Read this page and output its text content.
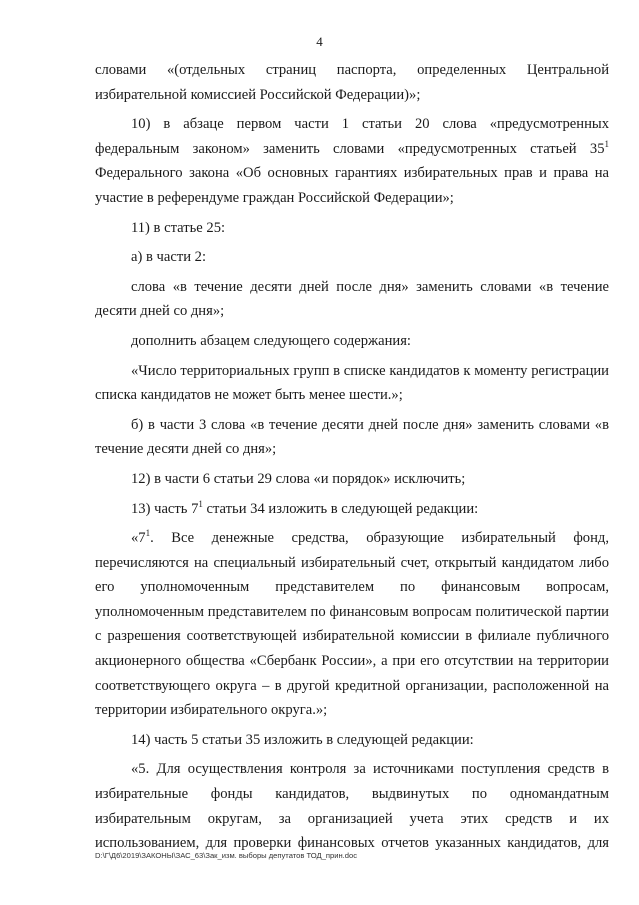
4

словами «(отдельных страниц паспорта, определенных Центральной избирательной комиссией Российской Федерации)»;

10) в абзаце первом части 1 статьи 20 слова «предусмотренных федеральным законом» заменить словами «предусмотренных статьей $35^1$ Федерального закона «Об основных гарантиях избирательных прав и права на участие в референдуме граждан Российской Федерации»;

11) в статье 25:

а) в части 2:

слова «в течение десяти дней после дня» заменить словами «в течение десяти дней со дня»;

дополнить абзацем следующего содержания:

«Число территориальных групп в списке кандидатов к моменту регистрации списка кандидатов не может быть менее шести.»;

б) в части 3 слова «в течение десяти дней после дня» заменить словами «в течение десяти дней со дня»;

12) в части 6 статьи 29 слова «и порядок» исключить;

13) часть $7^1$ статьи 34 изложить в следующей редакции:

«$7^1$. Все денежные средства, образующие избирательный фонд, перечисляются на специальный избирательный счет, открытый кандидатом либо его уполномоченным представителем по финансовым вопросам, уполномоченным представителем по финансовым вопросам политической партии с разрешения соответствующей избирательной комиссии в филиале публичного акционерного общества «Сбербанк России», а при его отсутствии на территории соответствующего округа – в другой кредитной организации, расположенной на территории избирательного округа.»;

14) часть 5 статьи 35 изложить в следующей редакции:

«5. Для осуществления контроля за источниками поступления средств в избирательные фонды кандидатов, выдвинутых по одномандатным избирательным округам, за организацией учета этих средств и их использованием, для проверки финансовых отчетов указанных кандидатов, для

D:\Г\Д6\2019\ЗАКОНЫ\ЗАС_63\Зак_изм. выборы депутатов ТОД_прин.doc
